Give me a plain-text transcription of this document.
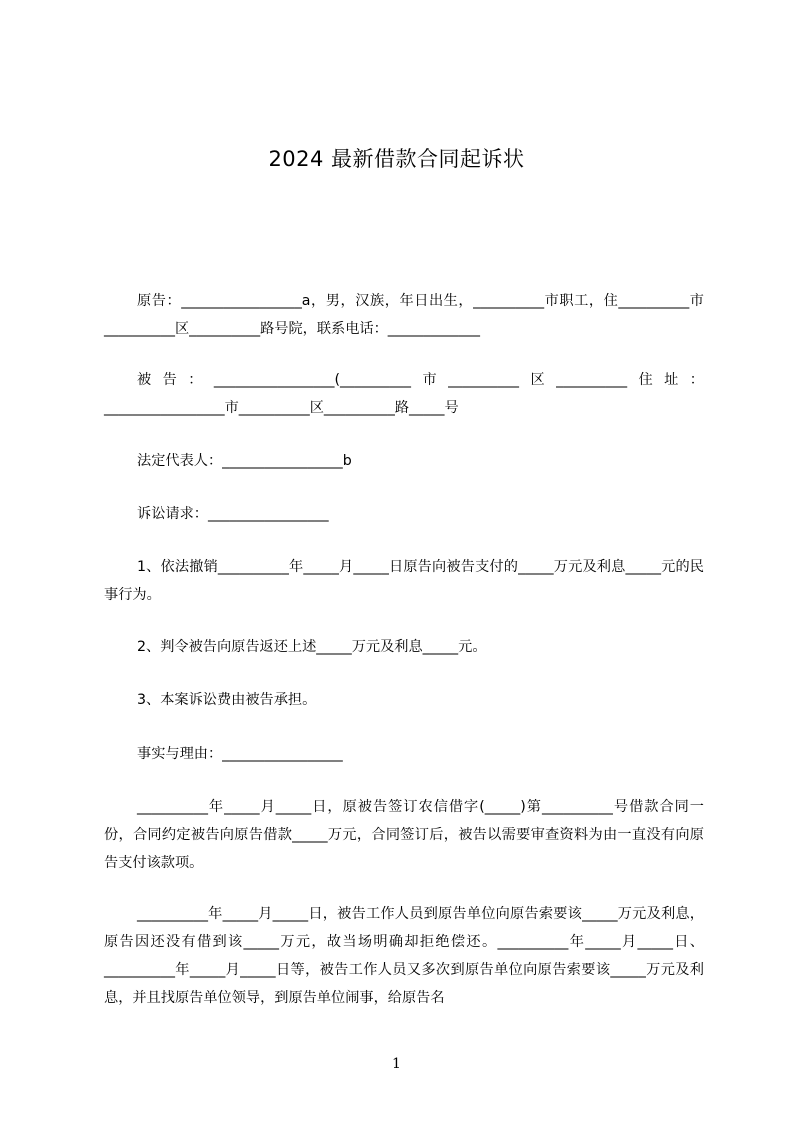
2024 最新借款合同起诉状

原告：_________________a，男，汉族，年日出生，__________市职工，住__________市__________区__________路号院，联系电话：_____________

被告：_________________(__________市__________区__________住址：_________________市__________区__________路_____号

法定代表人：_________________b

诉讼请求：_________________

1、依法撤销__________年_____月_____日原告向被告支付的_____万元及利息_____元的民事行为。

2、判令被告向原告返还上述_____万元及利息_____元。

3、本案诉讼费由被告承担。

事实与理由：_________________

__________年_____月_____日，原被告签订农信借字(_____)第__________号借款合同一份，合同约定被告向原告借款_____万元，合同签订后，被告以需要审查资料为由一直没有向原告支付该款项。

__________年_____月_____日，被告工作人员到原告单位向原告索要该_____万元及利息，原告因还没有借到该_____万元，故当场明确却拒绝偿还。__________年_____月_____日、__________年_____月_____日等，被告工作人员又多次到原告单位向原告索要该_____万元及利息，并且找原告单位领导，到原告单位闹事，给原告名

1
